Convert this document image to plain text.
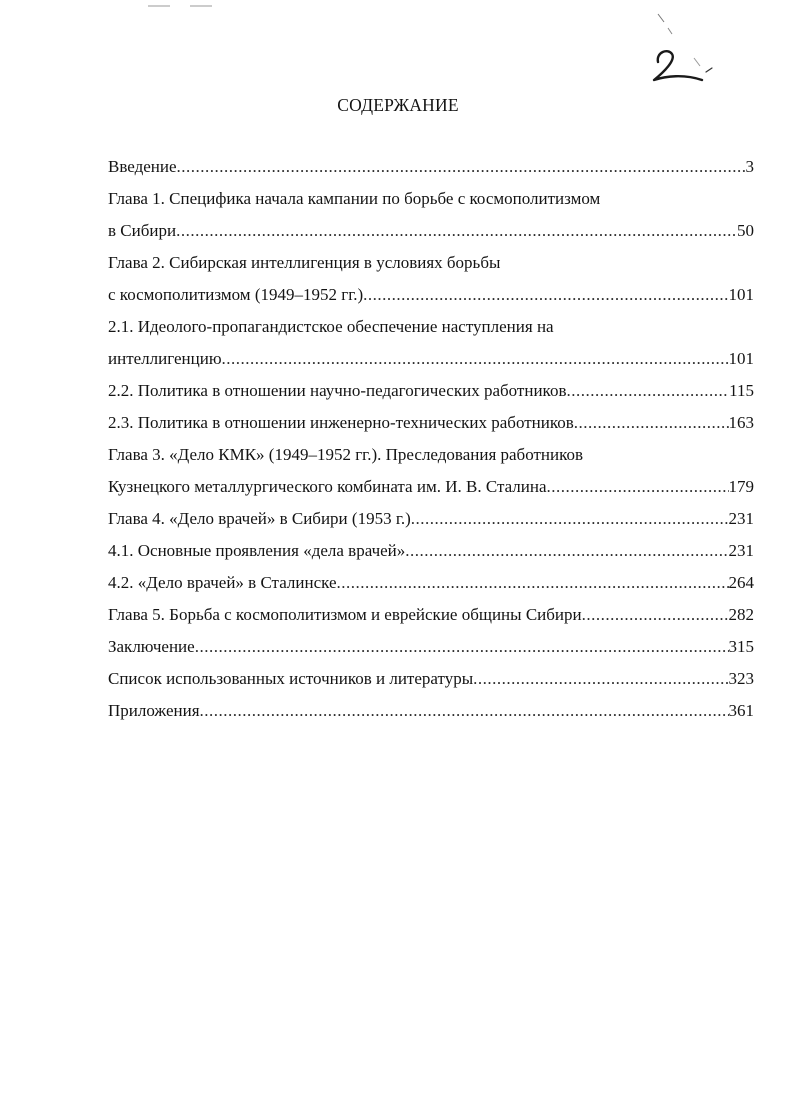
СОДЕРЖАНИЕ
Введение .....	3
Глава 1. Специфика начала кампании по борьбе с космополитизмом
в Сибири .....	50
Глава 2. Сибирская интеллигенция в условиях борьбы
с космополитизмом (1949–1952 гг.) .....	101
2.1. Идеолого-пропагандистское обеспечение наступления на
интеллигенцию .....	101
2.2. Политика в отношении научно-педагогических работников .....	115
2.3. Политика в отношении инженерно-технических работников .....	163
Глава 3. «Дело КМК» (1949–1952 гг.). Преследования работников
Кузнецкого металлургического комбината им. И. В. Сталина .....	179
Глава 4. «Дело врачей» в Сибири (1953 г.) .....	231
4.1. Основные проявления «дела врачей» .....	231
4.2. «Дело врачей» в Сталинске .....	264
Глава 5. Борьба с космополитизмом и еврейские общины Сибири .....	282
Заключение .....	315
Список использованных источников и литературы .....	323
Приложения .....	361
